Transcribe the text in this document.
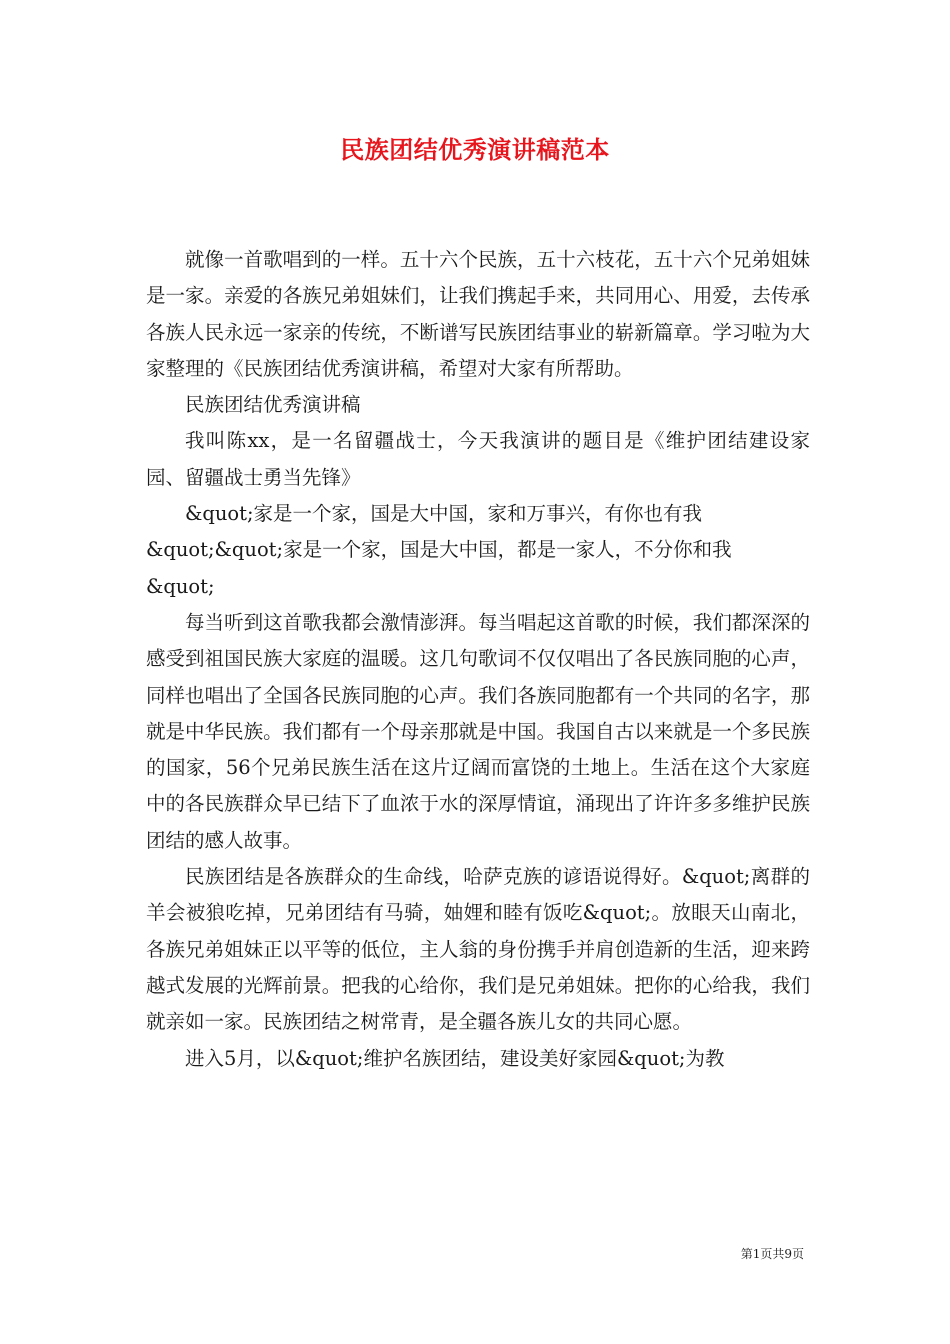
民族团结优秀演讲稿范本

就像一首歌唱到的一样。五十六个民族，五十六枝花，五十六个兄弟姐妹是一家。亲爱的各族兄弟姐妹们，让我们携起手来，共同用心、用爱，去传承各族人民永远一家亲的传统，不断谱写民族团结事业的崭新篇章。学习啦为大家整理的《民族团结优秀演讲稿，希望对大家有所帮助。

民族团结优秀演讲稿

我叫陈xx，是一名留疆战士，今天我演讲的题目是《维护团结建设家园、留疆战士勇当先锋》

&quot;家是一个家，国是大中国，家和万事兴，有你也有我
&quot;&quot;家是一个家，国是大中国，都是一家人，不分你和我
&quot;

每当听到这首歌我都会激情澎湃。每当唱起这首歌的时候，我们都深深的感受到祖国民族大家庭的温暖。这几句歌词不仅仅唱出了各民族同胞的心声，同样也唱出了全国各民族同胞的心声。我们各族同胞都有一个共同的名字，那就是中华民族。我们都有一个母亲那就是中国。我国自古以来就是一个多民族的国家，56个兄弟民族生活在这片辽阔而富饶的土地上。生活在这个大家庭中的各民族群众早已结下了血浓于水的深厚情谊，涌现出了许许多多维护民族团结的感人故事。

民族团结是各族群众的生命线，哈萨克族的谚语说得好。&quot;离群的羊会被狼吃掉，兄弟团结有马骑，妯娌和睦有饭吃&quot;。放眼天山南北，各族兄弟姐妹正以平等的低位，主人翁的身份携手并肩创造新的生活，迎来跨越式发展的光辉前景。把我的心给你，我们是兄弟姐妹。把你的心给我，我们就亲如一家。民族团结之树常青，是全疆各族儿女的共同心愿。

进入5月，以&quot;维护名族团结，建设美好家园&quot;为教

第1页共9页
